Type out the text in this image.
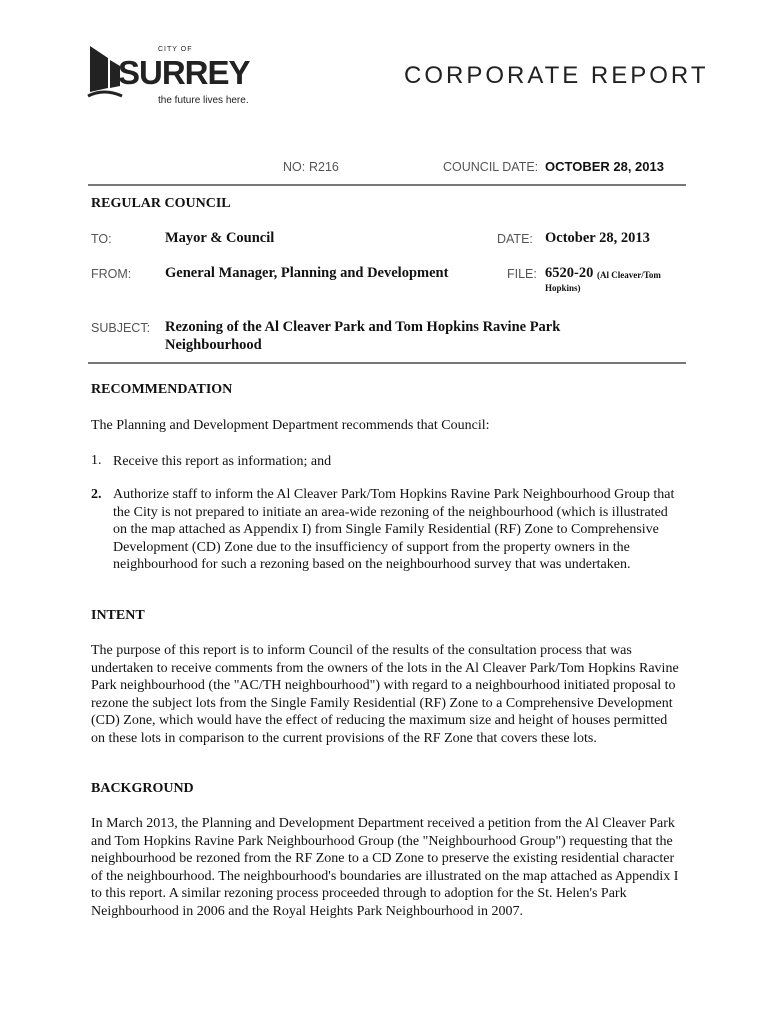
CITY OF
SURREY
the future lives here.
CORPORATE REPORT
NO: R216	COUNCIL DATE: OCTOBER 28, 2013
REGULAR COUNCIL
TO:	Mayor & Council	DATE: October 28, 2013
FROM: General Manager, Planning and Development	FILE: 6520-20 (Al Cleaver/Tom
Hopkins)
SUBJECT: Rezoning of the Al Cleaver Park and Tom Hopkins Ravine Park
Neighbourhood
RECOMMENDATION

The Planning and Development Department recommends that Council:

1. Receive this report as information; and

2. Authorize staff to inform the Al Cleaver Park/Tom Hopkins Ravine Park Neighbourhood Group that the City is not prepared to initiate an area-wide rezoning of the neighbourhood (which is illustrated on the map attached as Appendix I) from Single Family Residential (RF) Zone to Comprehensive Development (CD) Zone due to the insufficiency of support from the property owners in the neighbourhood for such a rezoning based on the neighbourhood survey that was undertaken.

INTENT

The purpose of this report is to inform Council of the results of the consultation process that was undertaken to receive comments from the owners of the lots in the Al Cleaver Park/Tom Hopkins Ravine Park neighbourhood (the "AC/TH neighbourhood") with regard to a neighbourhood initiated proposal to rezone the subject lots from the Single Family Residential (RF) Zone to a Comprehensive Development (CD) Zone, which would have the effect of reducing the maximum size and height of houses permitted on these lots in comparison to the current provisions of the RF Zone that covers these lots.

BACKGROUND

In March 2013, the Planning and Development Department received a petition from the Al Cleaver Park and Tom Hopkins Ravine Park Neighbourhood Group (the "Neighbourhood Group") requesting that the neighbourhood be rezoned from the RF Zone to a CD Zone to preserve the existing residential character of the neighbourhood. The neighbourhood's boundaries are illustrated on the map attached as Appendix I to this report. A similar rezoning process proceeded through to adoption for the St. Helen's Park Neighbourhood in 2006 and the Royal Heights Park Neighbourhood in 2007.
